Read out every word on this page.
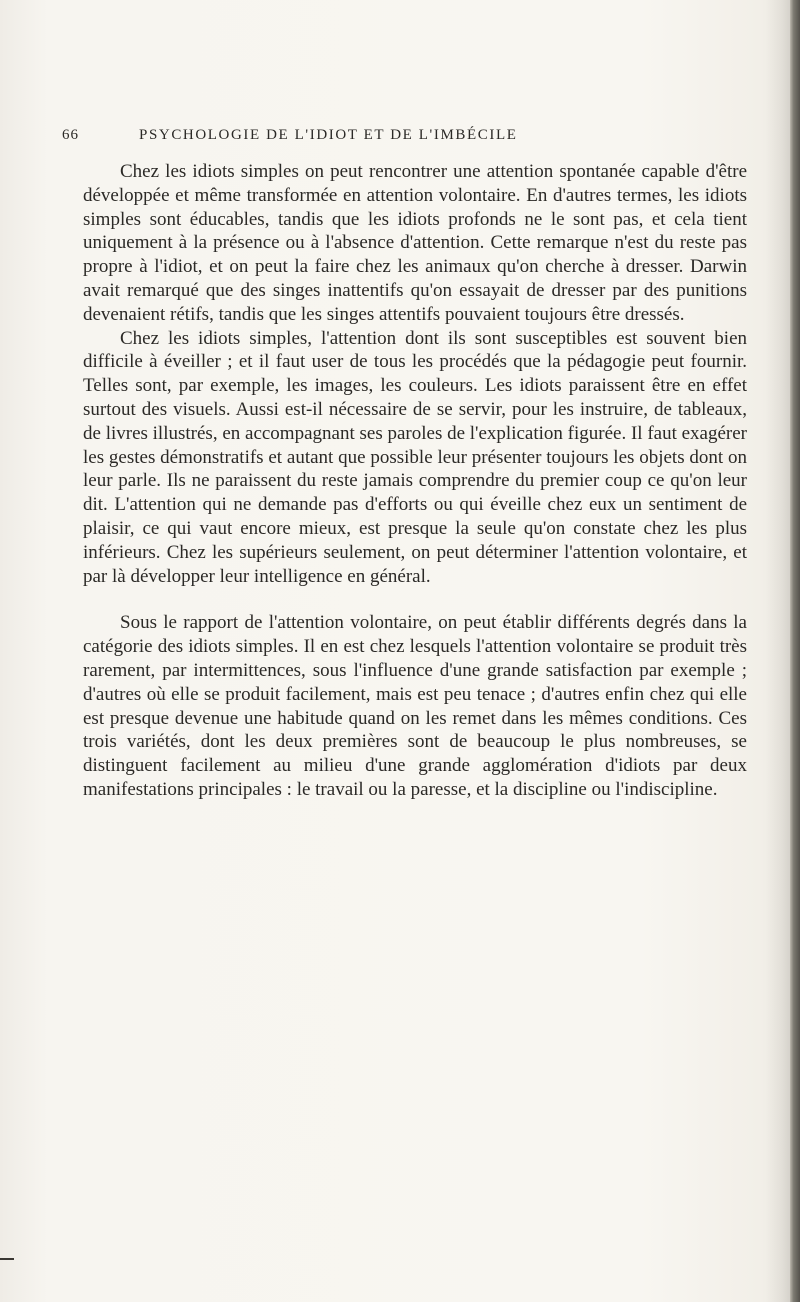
66	PSYCHOLOGIE DE L'IDIOT ET DE L'IMBÉCILE

Chez les idiots simples on peut rencontrer une attention spontanée capable d'être développée et même transformée en attention volontaire. En d'autres termes, les idiots simples sont éducables, tandis que les idiots profonds ne le sont pas, et cela tient uniquement à la présence ou à l'absence d'attention. Cette remarque n'est du reste pas propre à l'idiot, et on peut la faire chez les animaux qu'on cherche à dresser. Darwin avait remarqué que des singes inattentifs qu'on essayait de dresser par des punitions devenaient rétifs, tandis que les singes attentifs pouvaient toujours être dressés.

Chez les idiots simples, l'attention dont ils sont susceptibles est souvent bien difficile à éveiller ; et il faut user de tous les procédés que la pédagogie peut fournir. Telles sont, par exemple, les images, les couleurs. Les idiots paraissent être en effet surtout des visuels. Aussi est-il nécessaire de se servir, pour les instruire, de tableaux, de livres illustrés, en accompagnant ses paroles de l'explication figurée. Il faut exagérer les gestes démonstratifs et autant que possible leur présenter toujours les objets dont on leur parle. Ils ne paraissent du reste jamais comprendre du premier coup ce qu'on leur dit. L'attention qui ne demande pas d'efforts ou qui éveille chez eux un sentiment de plaisir, ce qui vaut encore mieux, est presque la seule qu'on constate chez les plus inférieurs. Chez les supérieurs seulement, on peut déterminer l'attention volontaire, et par là développer leur intelligence en général.

Sous le rapport de l'attention volontaire, on peut établir différents degrés dans la catégorie des idiots simples. Il en est chez lesquels l'attention volontaire se produit très rarement, par intermittences, sous l'influence d'une grande satisfaction par exemple ; d'autres où elle se produit facilement, mais est peu tenace ; d'autres enfin chez qui elle est presque devenue une habitude quand on les remet dans les mêmes conditions. Ces trois variétés, dont les deux premières sont de beaucoup le plus nombreuses, se distinguent facilement au milieu d'une grande agglomération d'idiots par deux manifestations principales : le travail ou la paresse, et la discipline ou l'indiscipline.
